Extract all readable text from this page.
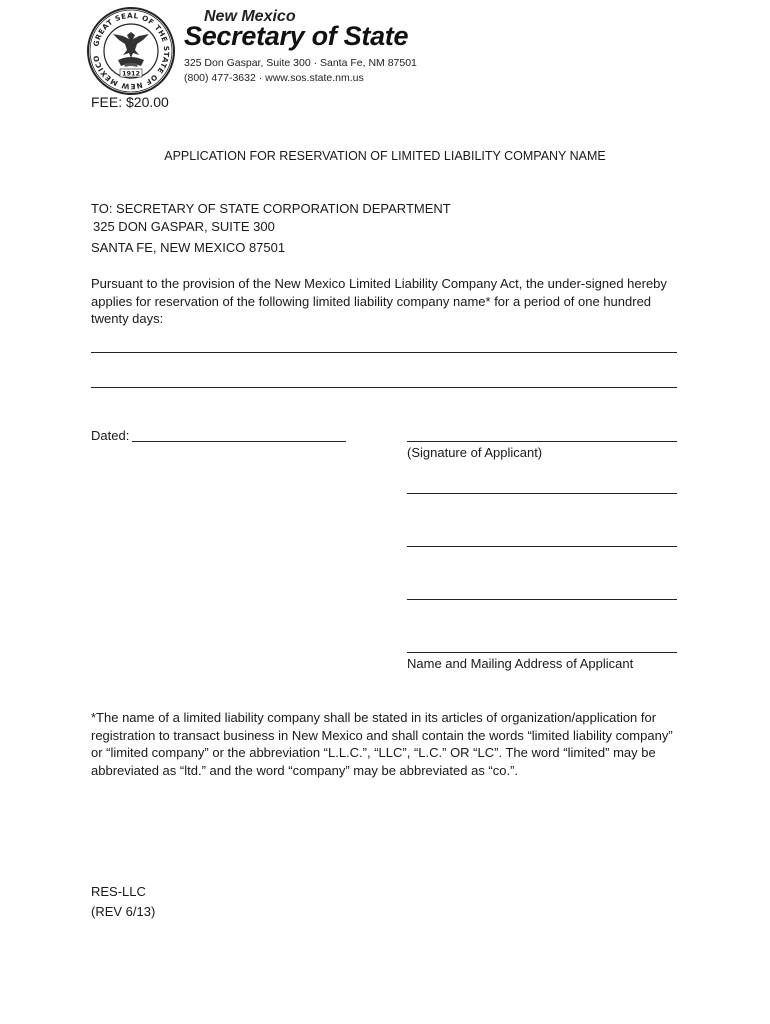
GREAT SEAL OF THE STATE OF NEW MEXICO
1912
New Mexico
Secretary of State
325 Don Gaspar, Suite 300 · Santa Fe, NM 87501
(800) 477-3632 · www.sos.state.nm.us
FEE: $20.00
APPLICATION FOR RESERVATION OF LIMITED LIABILITY COMPANY NAME
TO: SECRETARY OF STATE CORPORATION DEPARTMENT
325 DON GASPAR, SUITE 300
SANTA FE, NEW MEXICO 87501
Pursuant to the provision of the New Mexico Limited Liability Company Act, the under-signed hereby applies for reservation of the following limited liability company name* for a period of one hundred twenty days:
Dated:
(Signature of Applicant)
Name and Mailing Address of Applicant
*The name of a limited liability company shall be stated in its articles of organization/application for registration to transact business in New Mexico and shall contain the words “limited liability company” or “limited company” or the abbreviation “L.L.C.”, “LLC”, “L.C.” OR “LC”. The word “limited” may be abbreviated as “ltd.” and the word “company” may be abbreviated as “co.”.
RES-LLC
(REV 6/13)
